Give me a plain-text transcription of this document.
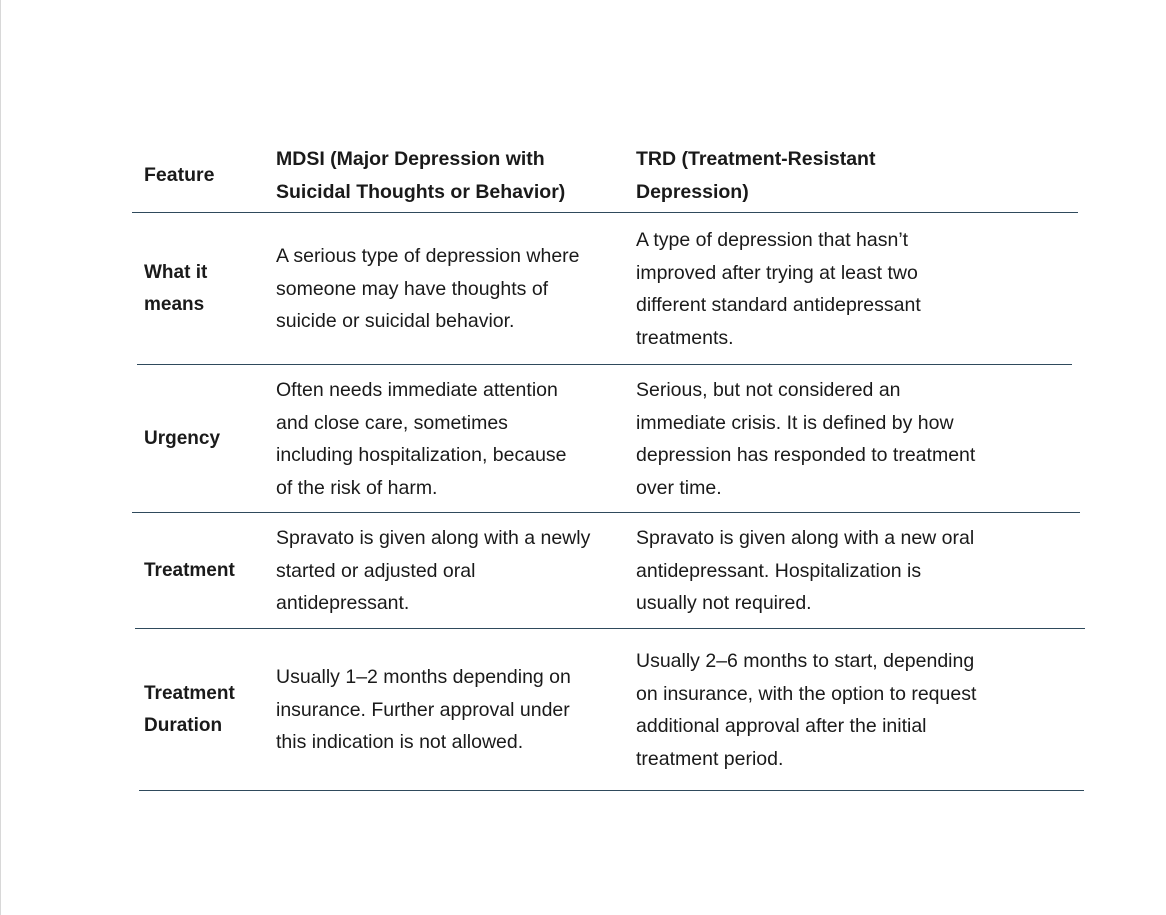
Feature
MDSI (Major Depression with
Suicidal Thoughts or Behavior)
TRD (Treatment-Resistant
Depression)
What it
means
A serious type of depression where
someone may have thoughts of
suicide or suicidal behavior.
A type of depression that hasn’t
improved after trying at least two
different standard antidepressant
treatments.
Urgency
Often needs immediate attention
and close care, sometimes
including hospitalization, because
of the risk of harm.
Serious, but not considered an
immediate crisis. It is defined by how
depression has responded to treatment
over time.
Treatment
Spravato is given along with a newly
started or adjusted oral
antidepressant.
Spravato is given along with a new oral
antidepressant. Hospitalization is
usually not required.
Treatment
Duration
Usually 1–2 months depending on
insurance. Further approval under
this indication is not allowed.
Usually 2–6 months to start, depending
on insurance, with the option to request
additional approval after the initial
treatment period.
